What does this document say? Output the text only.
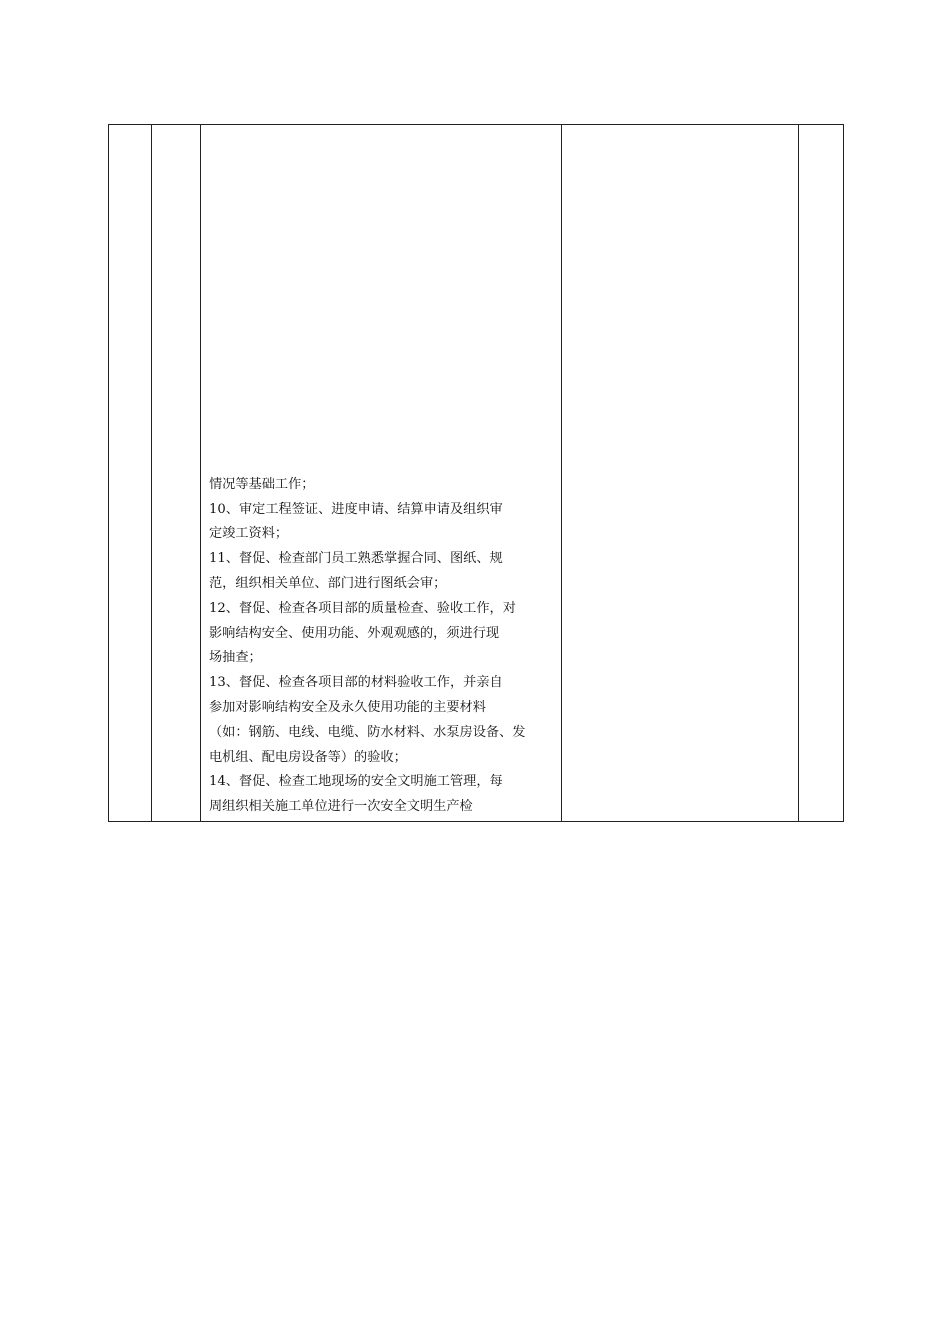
情况等基础工作；
10、审定工程签证、进度申请、结算申请及组织审
定竣工资料；
11、督促、检查部门员工熟悉掌握合同、图纸、规
范，组织相关单位、部门进行图纸会审；
12、督促、检查各项目部的质量检查、验收工作，对
影响结构安全、使用功能、外观观感的，须进行现
场抽查；
13、督促、检查各项目部的材料验收工作，并亲自
参加对影响结构安全及永久使用功能的主要材料
（如：钢筋、电线、电缆、防水材料、水泵房设备、发
电机组、配电房设备等）的验收；
14、督促、检查工地现场的安全文明施工管理，每
周组织相关施工单位进行一次安全文明生产检
